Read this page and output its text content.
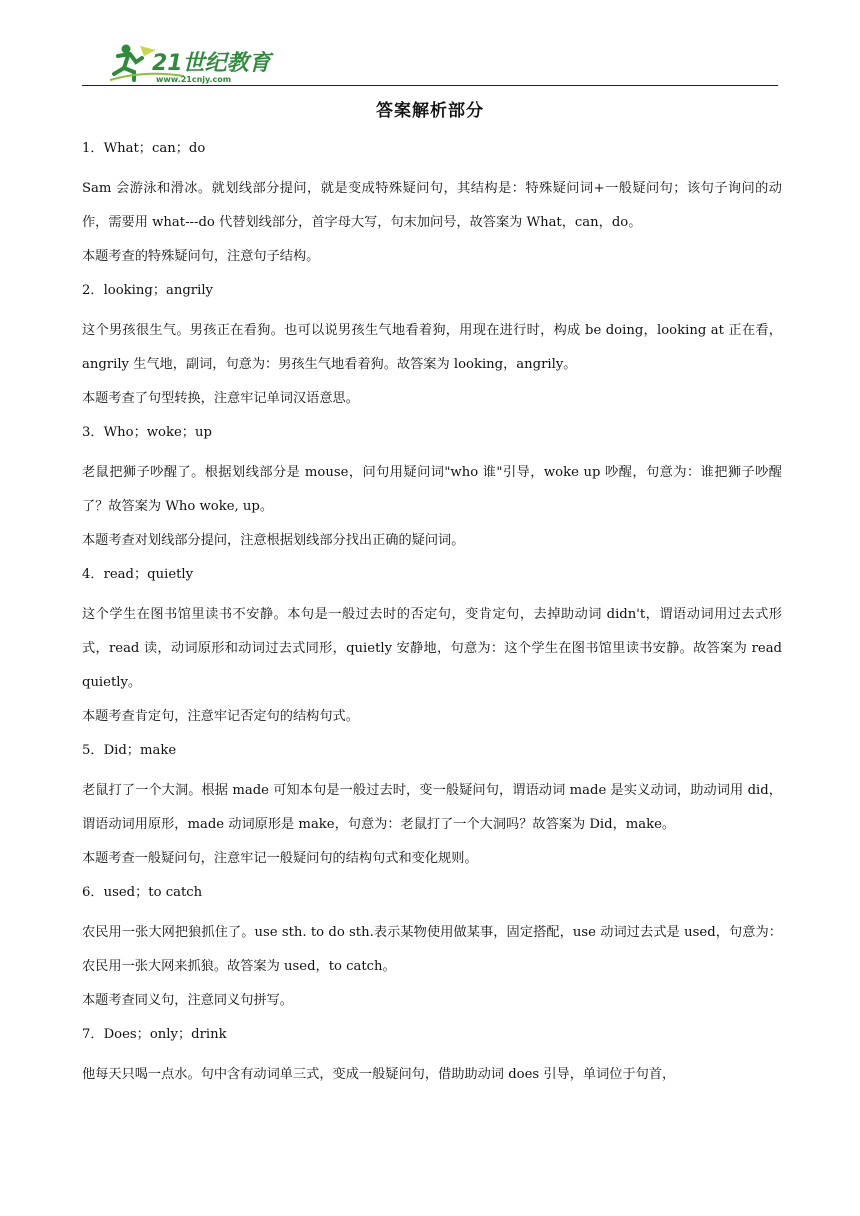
21世纪教育
www.21cnjy.com
答案解析部分
1．What；can；do
Sam 会游泳和滑冰。就划线部分提问，就是变成特殊疑问句，其结构是：特殊疑问词+一般疑问句；该句子询问的动作，需要用 what---do 代替划线部分，首字母大写，句末加问号，故答案为 What，can，do。
本题考查的特殊疑问句，注意句子结构。
2．looking；angrily
这个男孩很生气。男孩正在看狗。也可以说男孩生气地看着狗，用现在进行时，构成 be doing，looking at 正在看，angrily 生气地，副词，句意为：男孩生气地看着狗。故答案为 looking，angrily。
本题考查了句型转换，注意牢记单词汉语意思。
3．Who；woke；up
老鼠把狮子吵醒了。根据划线部分是 mouse，问句用疑问词"who 谁"引导，woke up 吵醒，句意为：谁把狮子吵醒了？故答案为 Who woke, up。
本题考查对划线部分提问，注意根据划线部分找出正确的疑问词。
4．read；quietly
这个学生在图书馆里读书不安静。本句是一般过去时的否定句，变肯定句，去掉助动词 didn't，谓语动词用过去式形式，read 读，动词原形和动词过去式同形，quietly 安静地，句意为：这个学生在图书馆里读书安静。故答案为 read quietly。
本题考查肯定句，注意牢记否定句的结构句式。
5．Did；make
老鼠打了一个大洞。根据 made 可知本句是一般过去时，变一般疑问句，谓语动词 made 是实义动词，助动词用 did，谓语动词用原形，made 动词原形是 make，句意为：老鼠打了一个大洞吗？故答案为 Did，make。
本题考查一般疑问句，注意牢记一般疑问句的结构句式和变化规则。
6．used；to catch
农民用一张大网把狼抓住了。use sth. to do sth.表示某物使用做某事，固定搭配，use 动词过去式是 used，句意为：农民用一张大网来抓狼。故答案为 used，to catch。
本题考查同义句，注意同义句拼写。
7．Does；only；drink
他每天只喝一点水。句中含有动词单三式，变成一般疑问句，借助助动词 does 引导，单词位于句首，
